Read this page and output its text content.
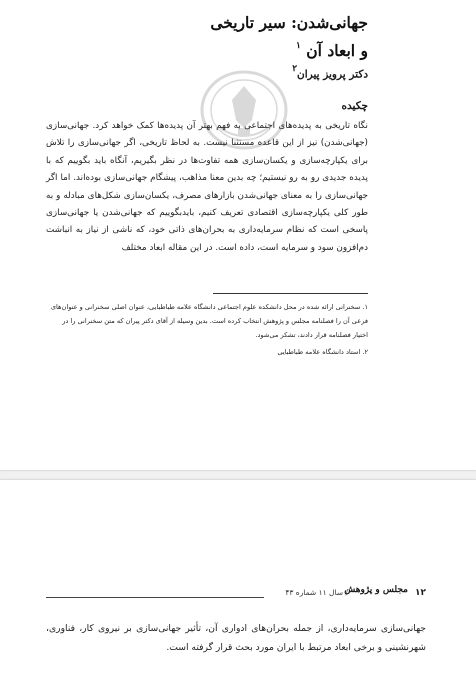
جهانی‌شدن: سیر تاریخی
و ابعاد آن $^۱$
دکتر پرویز پیران$^۲$
چکیده

نگاه تاریخی به پدیده‌های اجتماعی به فهم بهتر آن پدیده‌ها کمک خواهد کرد. جهانی‌سازی (جهانی‌شدن) نیز از این قاعده مستثنا نیست. به لحاظ تاریخی، اگر جهانی‌سازی را تلاش برای یکپارچه‌سازی و یکسان‌سازی همه تفاوت‌ها در نظر بگیریم، آنگاه باید بگوییم که با پدیده جدیدی رو به رو نیستیم؛ چه بدین معنا مذاهب، پیشگام جهانی‌سازی بوده‌اند. اما اگر جهانی‌سازی را به معنای جهانی‌شدن بازارهای مصرف، یکسان‌سازی شکل‌های مبادله و به طور کلی یکپارچه‌سازی اقتصادی تعریف کنیم، بایدبگوییم که جهانی‌شدن یا جهانی‌سازی پاسخی است که نظام سرمایه‌داری به بحران‌های ذاتی خود، که ناشی از نیاز به انباشت دم‌افزون سود و سرمایه است، داده است. در این مقاله ابعاد مختلف

۱. سخنرانی ارائه شده در محل دانشکده علوم اجتماعی دانشگاه علامه طباطبایی، عنوان اصلی سخنرانی و عنوان‌های فرعی آن را فصلنامه مجلس و پژوهش انتخاب کرده است. بدین وسیله از آقای دکتر پیران که متن سخنرانی را در اختیار فصلنامه قرار دادند، تشکر می‌شود.
۲. استاد دانشگاه علامه طباطبایی
۱۲
مجلس و پژوهش
/ سال ۱۱ شماره ۴۳

جهانی‌سازی سرمایه‌داری، از جمله بحران‌های ادواری آن، تأثیر جهانی‌سازی بر نیروی کار، فناوری، شهرنشینی و برخی ابعاد مرتبط با ایران مورد بحث قرار گرفته است.
